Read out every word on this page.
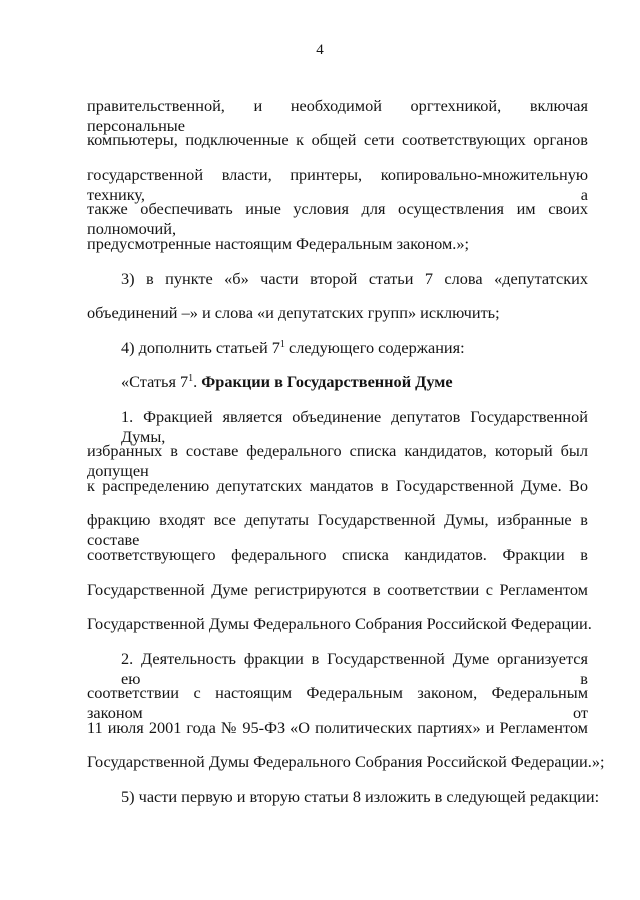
4
правительственной, и необходимой оргтехникой, включая персональные
компьютеры, подключенные к общей сети соответствующих органов
государственной власти, принтеры, копировально-множительную технику, а
также обеспечивать иные условия для осуществления им своих полномочий,
предусмотренные настоящим Федеральным законом.»;
3) в пункте «б» части второй статьи 7 слова «депутатских
объединений –» и слова «и депутатских групп» исключить;
4) дополнить статьей $7^1$ следующего содержания:
«Статья $7^1$. Фракции в Государственной Думе
1. Фракцией является объединение депутатов Государственной Думы,
избранных в составе федерального списка кандидатов, который был допущен
к распределению депутатских мандатов в Государственной Думе. Во
фракцию входят все депутаты Государственной Думы, избранные в составе
соответствующего федерального списка кандидатов. Фракции в
Государственной Думе регистрируются в соответствии с Регламентом
Государственной Думы Федерального Собрания Российской Федерации.
2. Деятельность фракции в Государственной Думе организуется ею в
соответствии с настоящим Федеральным законом, Федеральным законом от
11 июля 2001 года № 95-ФЗ «О политических партиях» и Регламентом
Государственной Думы Федерального Собрания Российской Федерации.»;
5) части первую и вторую статьи 8 изложить в следующей редакции:
